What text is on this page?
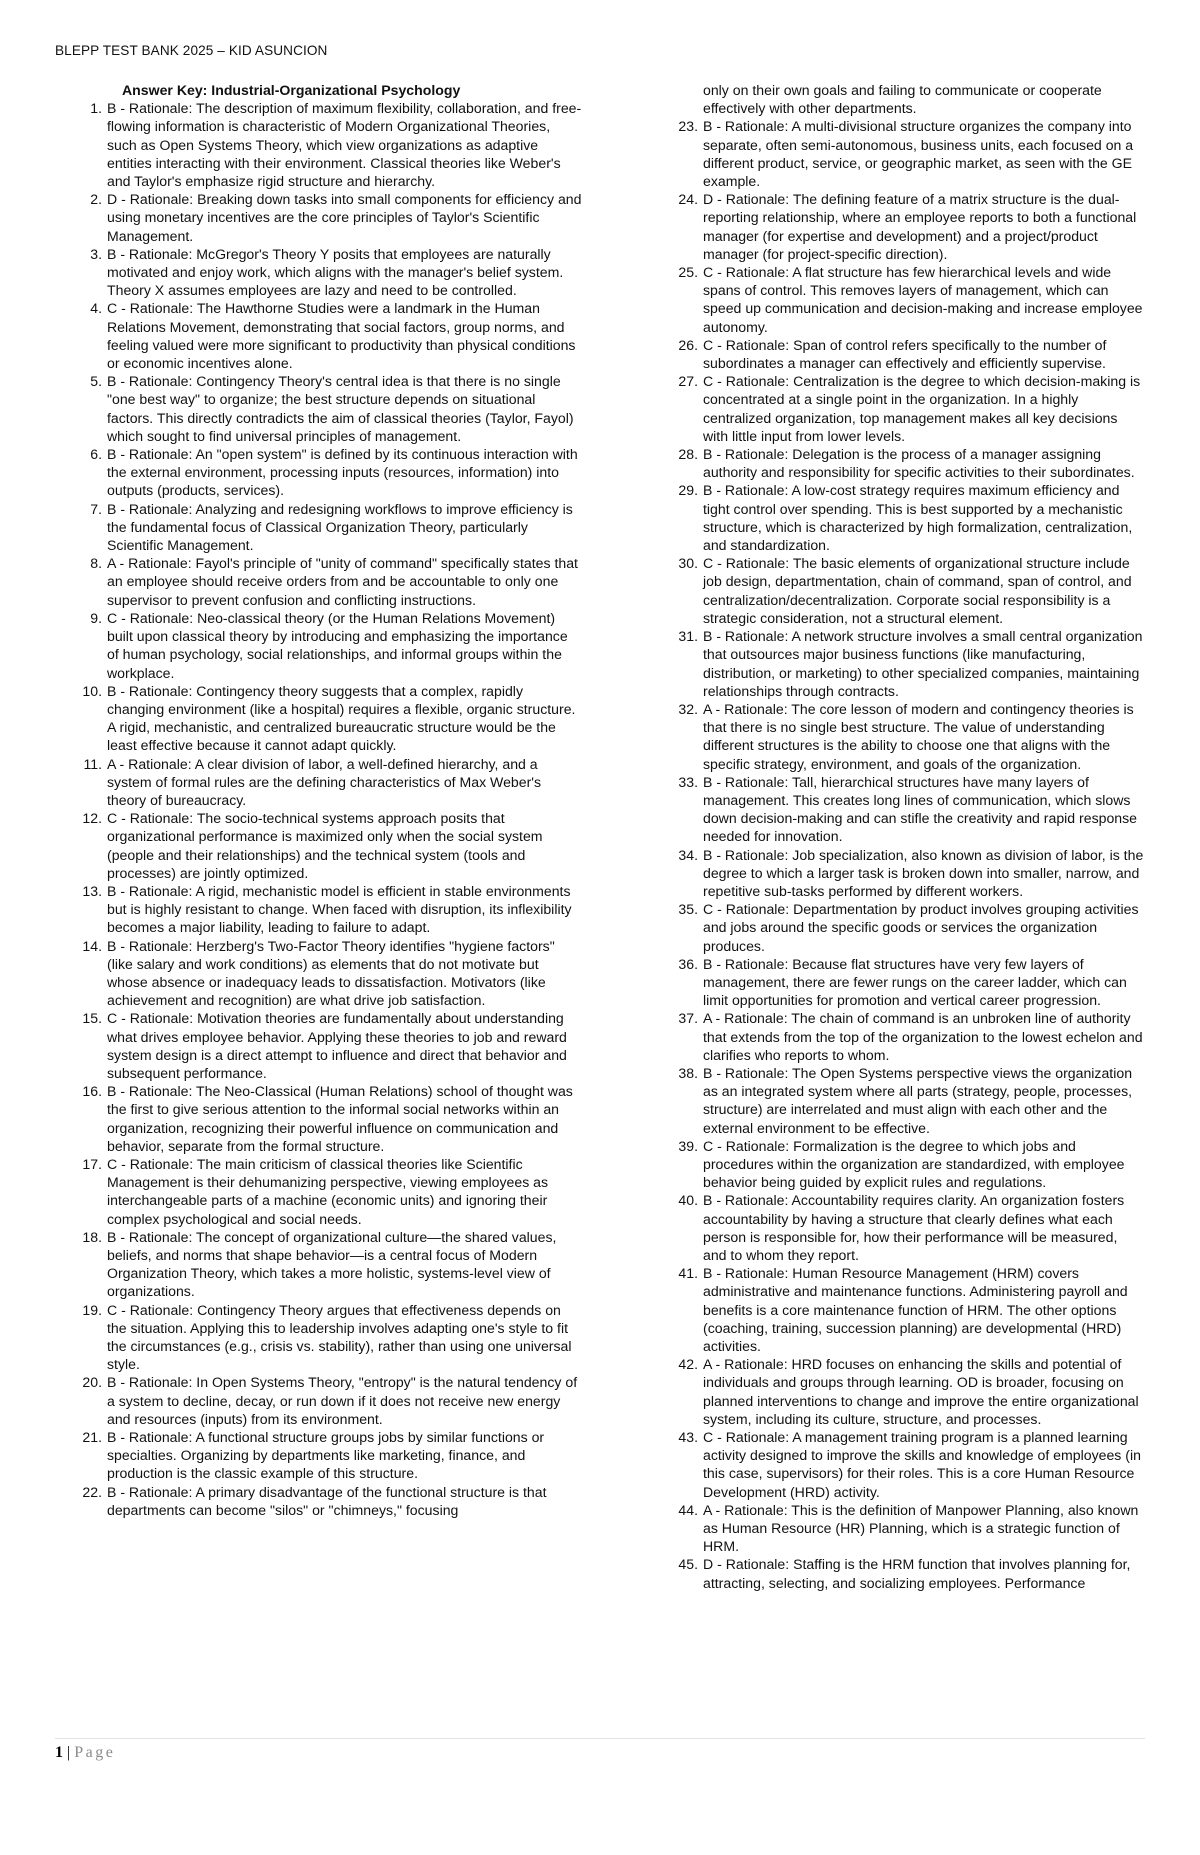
BLEPP TEST BANK 2025 – KID ASUNCION
Answer Key: Industrial-Organizational Psychology
1. B - Rationale: The description of maximum flexibility, collaboration, and free-flowing information is characteristic of Modern Organizational Theories, such as Open Systems Theory, which view organizations as adaptive entities interacting with their environment. Classical theories like Weber's and Taylor's emphasize rigid structure and hierarchy.
2. D - Rationale: Breaking down tasks into small components for efficiency and using monetary incentives are the core principles of Taylor's Scientific Management.
3. B - Rationale: McGregor's Theory Y posits that employees are naturally motivated and enjoy work, which aligns with the manager's belief system. Theory X assumes employees are lazy and need to be controlled.
4. C - Rationale: The Hawthorne Studies were a landmark in the Human Relations Movement, demonstrating that social factors, group norms, and feeling valued were more significant to productivity than physical conditions or economic incentives alone.
5. B - Rationale: Contingency Theory's central idea is that there is no single "one best way" to organize; the best structure depends on situational factors. This directly contradicts the aim of classical theories (Taylor, Fayol) which sought to find universal principles of management.
6. B - Rationale: An "open system" is defined by its continuous interaction with the external environment, processing inputs (resources, information) into outputs (products, services).
7. B - Rationale: Analyzing and redesigning workflows to improve efficiency is the fundamental focus of Classical Organization Theory, particularly Scientific Management.
8. A - Rationale: Fayol's principle of "unity of command" specifically states that an employee should receive orders from and be accountable to only one supervisor to prevent confusion and conflicting instructions.
9. C - Rationale: Neo-classical theory (or the Human Relations Movement) built upon classical theory by introducing and emphasizing the importance of human psychology, social relationships, and informal groups within the workplace.
10. B - Rationale: Contingency theory suggests that a complex, rapidly changing environment (like a hospital) requires a flexible, organic structure. A rigid, mechanistic, and centralized bureaucratic structure would be the least effective because it cannot adapt quickly.
11. A - Rationale: A clear division of labor, a well-defined hierarchy, and a system of formal rules are the defining characteristics of Max Weber's theory of bureaucracy.
12. C - Rationale: The socio-technical systems approach posits that organizational performance is maximized only when the social system (people and their relationships) and the technical system (tools and processes) are jointly optimized.
13. B - Rationale: A rigid, mechanistic model is efficient in stable environments but is highly resistant to change. When faced with disruption, its inflexibility becomes a major liability, leading to failure to adapt.
14. B - Rationale: Herzberg's Two-Factor Theory identifies "hygiene factors" (like salary and work conditions) as elements that do not motivate but whose absence or inadequacy leads to dissatisfaction. Motivators (like achievement and recognition) are what drive job satisfaction.
15. C - Rationale: Motivation theories are fundamentally about understanding what drives employee behavior. Applying these theories to job and reward system design is a direct attempt to influence and direct that behavior and subsequent performance.
16. B - Rationale: The Neo-Classical (Human Relations) school of thought was the first to give serious attention to the informal social networks within an organization, recognizing their powerful influence on communication and behavior, separate from the formal structure.
17. C - Rationale: The main criticism of classical theories like Scientific Management is their dehumanizing perspective, viewing employees as interchangeable parts of a machine (economic units) and ignoring their complex psychological and social needs.
18. B - Rationale: The concept of organizational culture—the shared values, beliefs, and norms that shape behavior—is a central focus of Modern Organization Theory, which takes a more holistic, systems-level view of organizations.
19. C - Rationale: Contingency Theory argues that effectiveness depends on the situation. Applying this to leadership involves adapting one's style to fit the circumstances (e.g., crisis vs. stability), rather than using one universal style.
20. B - Rationale: In Open Systems Theory, "entropy" is the natural tendency of a system to decline, decay, or run down if it does not receive new energy and resources (inputs) from its environment.
21. B - Rationale: A functional structure groups jobs by similar functions or specialties. Organizing by departments like marketing, finance, and production is the classic example of this structure.
22. B - Rationale: A primary disadvantage of the functional structure is that departments can become "silos" or "chimneys," focusing
only on their own goals and failing to communicate or cooperate effectively with other departments.
23. B - Rationale: A multi-divisional structure organizes the company into separate, often semi-autonomous, business units, each focused on a different product, service, or geographic market, as seen with the GE example.
24. D - Rationale: The defining feature of a matrix structure is the dual-reporting relationship, where an employee reports to both a functional manager (for expertise and development) and a project/product manager (for project-specific direction).
25. C - Rationale: A flat structure has few hierarchical levels and wide spans of control. This removes layers of management, which can speed up communication and decision-making and increase employee autonomy.
26. C - Rationale: Span of control refers specifically to the number of subordinates a manager can effectively and efficiently supervise.
27. C - Rationale: Centralization is the degree to which decision-making is concentrated at a single point in the organization. In a highly centralized organization, top management makes all key decisions with little input from lower levels.
28. B - Rationale: Delegation is the process of a manager assigning authority and responsibility for specific activities to their subordinates.
29. B - Rationale: A low-cost strategy requires maximum efficiency and tight control over spending. This is best supported by a mechanistic structure, which is characterized by high formalization, centralization, and standardization.
30. C - Rationale: The basic elements of organizational structure include job design, departmentation, chain of command, span of control, and centralization/decentralization. Corporate social responsibility is a strategic consideration, not a structural element.
31. B - Rationale: A network structure involves a small central organization that outsources major business functions (like manufacturing, distribution, or marketing) to other specialized companies, maintaining relationships through contracts.
32. A - Rationale: The core lesson of modern and contingency theories is that there is no single best structure. The value of understanding different structures is the ability to choose one that aligns with the specific strategy, environment, and goals of the organization.
33. B - Rationale: Tall, hierarchical structures have many layers of management. This creates long lines of communication, which slows down decision-making and can stifle the creativity and rapid response needed for innovation.
34. B - Rationale: Job specialization, also known as division of labor, is the degree to which a larger task is broken down into smaller, narrow, and repetitive sub-tasks performed by different workers.
35. C - Rationale: Departmentation by product involves grouping activities and jobs around the specific goods or services the organization produces.
36. B - Rationale: Because flat structures have very few layers of management, there are fewer rungs on the career ladder, which can limit opportunities for promotion and vertical career progression.
37. A - Rationale: The chain of command is an unbroken line of authority that extends from the top of the organization to the lowest echelon and clarifies who reports to whom.
38. B - Rationale: The Open Systems perspective views the organization as an integrated system where all parts (strategy, people, processes, structure) are interrelated and must align with each other and the external environment to be effective.
39. C - Rationale: Formalization is the degree to which jobs and procedures within the organization are standardized, with employee behavior being guided by explicit rules and regulations.
40. B - Rationale: Accountability requires clarity. An organization fosters accountability by having a structure that clearly defines what each person is responsible for, how their performance will be measured, and to whom they report.
41. B - Rationale: Human Resource Management (HRM) covers administrative and maintenance functions. Administering payroll and benefits is a core maintenance function of HRM. The other options (coaching, training, succession planning) are developmental (HRD) activities.
42. A - Rationale: HRD focuses on enhancing the skills and potential of individuals and groups through learning. OD is broader, focusing on planned interventions to change and improve the entire organizational system, including its culture, structure, and processes.
43. C - Rationale: A management training program is a planned learning activity designed to improve the skills and knowledge of employees (in this case, supervisors) for their roles. This is a core Human Resource Development (HRD) activity.
44. A - Rationale: This is the definition of Manpower Planning, also known as Human Resource (HR) Planning, which is a strategic function of HRM.
45. D - Rationale: Staffing is the HRM function that involves planning for, attracting, selecting, and socializing employees. Performance
1 | Page
